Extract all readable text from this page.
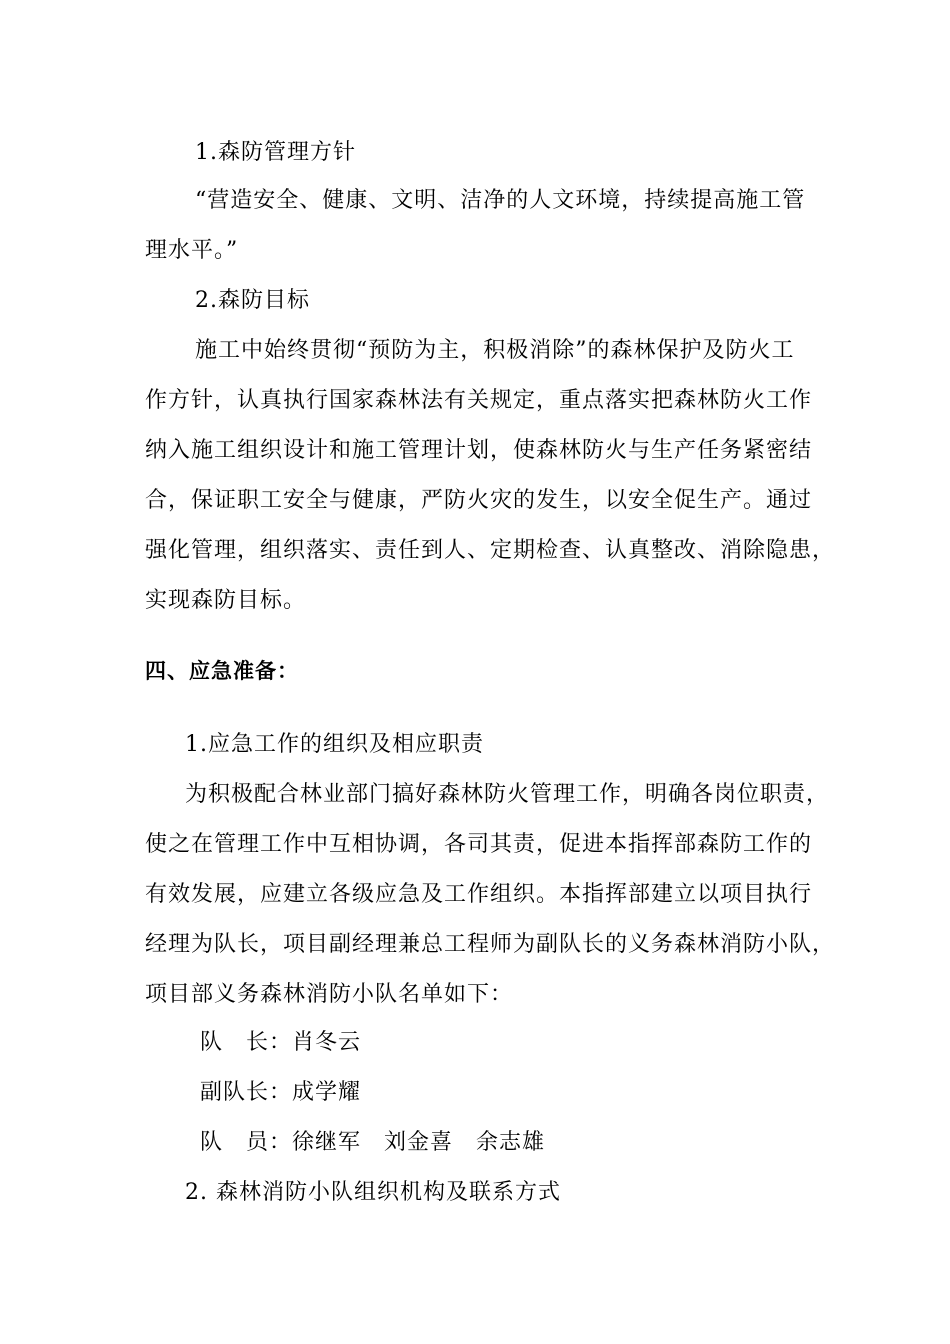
1.森防管理方针
“营造安全、健康、文明、洁净的人文环境，持续提高施工管
理水平。”
2.森防目标
施工中始终贯彻“预防为主，积极消除”的森林保护及防火工
作方针，认真执行国家森林法有关规定，重点落实把森林防火工作
纳入施工组织设计和施工管理计划，使森林防火与生产任务紧密结
合，保证职工安全与健康，严防火灾的发生，以安全促生产。通过
强化管理，组织落实、责任到人、定期检查、认真整改、消除隐患，
实现森防目标。
四、应急准备：
1.应急工作的组织及相应职责
为积极配合林业部门搞好森林防火管理工作，明确各岗位职责，
使之在管理工作中互相协调，各司其责，促进本指挥部森防工作的
有效发展，应建立各级应急及工作组织。本指挥部建立以项目执行
经理为队长，项目副经理兼总工程师为副队长的义务森林消防小队，
项目部义务森林消防小队名单如下：
队　长：肖冬云
副队长：成学耀
队　员：徐继军　刘金喜　余志雄
2. 森林消防小队组织机构及联系方式
